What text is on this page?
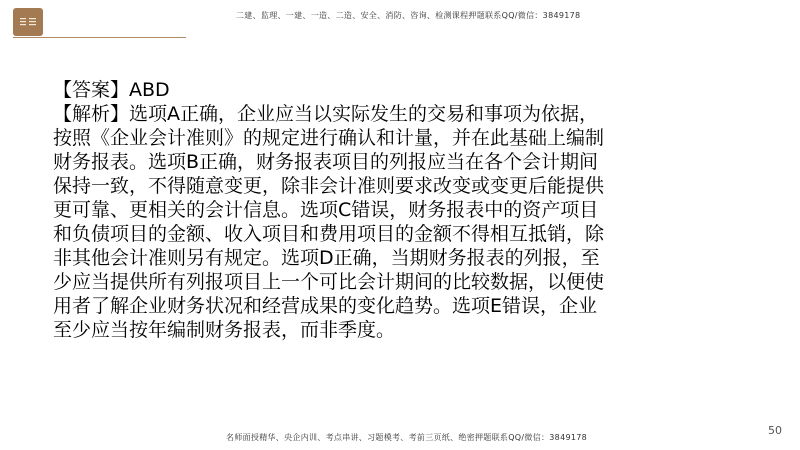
二建、监理、一建、一造、二造、安全、消防、咨询、检测课程押题联系QQ/微信：3849178

【答案】ABD

【解析】选项A正确，企业应当以实际发生的交易和事项为依据，按照《企业会计准则》的规定进行确认和计量，并在此基础上编制财务报表。选项B正确，财务报表项目的列报应当在各个会计期间保持一致，不得随意变更，除非会计准则要求改变或变更后能提供更可靠、更相关的会计信息。选项C错误，财务报表中的资产项目和负债项目的金额、收入项目和费用项目的金额不得相互抵销，除非其他会计准则另有规定。选项D正确，当期财务报表的列报，至少应当提供所有列报项目上一个可比会计期间的比较数据，以便使用者了解企业财务状况和经营成果的变化趋势。选项E错误，企业至少应当按年编制财务报表，而非季度。

名师面授精华、央企内训、考点串讲、习题模考、考前三页纸、绝密押题联系QQ/微信：3849178
50
